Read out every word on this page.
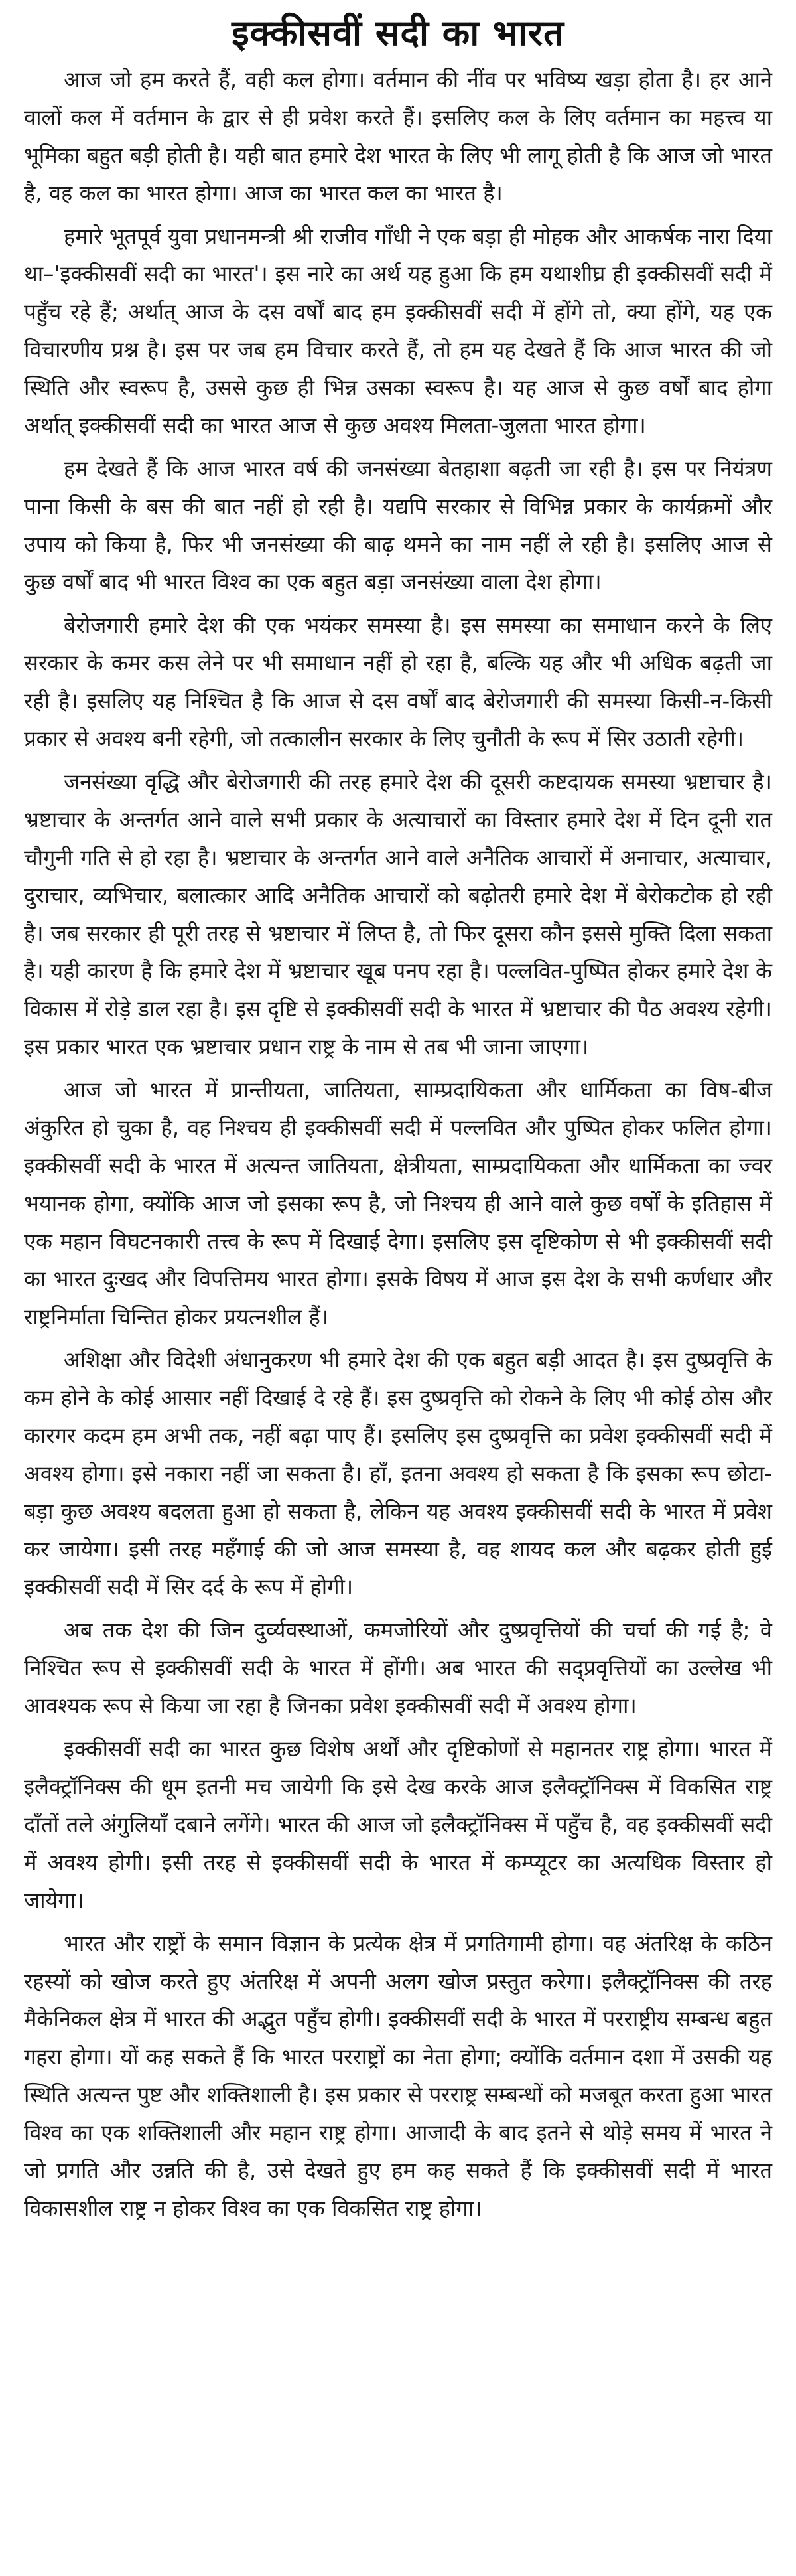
इक्कीसवीं सदी का भारत

आज जो हम करते हैं, वही कल होगा। वर्तमान की नींव पर भविष्य खड़ा होता है। हर आने वालों कल में वर्तमान के द्वार से ही प्रवेश करते हैं। इसलिए कल के लिए वर्तमान का महत्त्व या भूमिका बहुत बड़ी होती है। यही बात हमारे देश भारत के लिए भी लागू होती है कि आज जो भारत है, वह कल का भारत होगा। आज का भारत कल का भारत है।

हमारे भूतपूर्व युवा प्रधानमन्त्री श्री राजीव गाँधी ने एक बड़ा ही मोहक और आकर्षक नारा दिया था–'इक्कीसवीं सदी का भारत'। इस नारे का अर्थ यह हुआ कि हम यथाशीघ्र ही इक्कीसवीं सदी में पहुँच रहे हैं; अर्थात् आज के दस वर्षों बाद हम इक्कीसवीं सदी में होंगे तो, क्या होंगे, यह एक विचारणीय प्रश्न है। इस पर जब हम विचार करते हैं, तो हम यह देखते हैं कि आज भारत की जो स्थिति और स्वरूप है, उससे कुछ ही भिन्न उसका स्वरूप है। यह आज से कुछ वर्षों बाद होगा अर्थात् इक्कीसवीं सदी का भारत आज से कुछ अवश्य मिलता-जुलता भारत होगा।

हम देखते हैं कि आज भारत वर्ष की जनसंख्या बेतहाशा बढ़ती जा रही है। इस पर नियंत्रण पाना किसी के बस की बात नहीं हो रही है। यद्यपि सरकार से विभिन्न प्रकार के कार्यक्रमों और उपाय को किया है, फिर भी जनसंख्या की बाढ़ थमने का नाम नहीं ले रही है। इसलिए आज से कुछ वर्षों बाद भी भारत विश्व का एक बहुत बड़ा जनसंख्या वाला देश होगा।

बेरोजगारी हमारे देश की एक भयंकर समस्या है। इस समस्या का समाधान करने के लिए सरकार के कमर कस लेने पर भी समाधान नहीं हो रहा है, बल्कि यह और भी अधिक बढ़ती जा रही है। इसलिए यह निश्चित है कि आज से दस वर्षों बाद बेरोजगारी की समस्या किसी-न-किसी प्रकार से अवश्य बनी रहेगी, जो तत्कालीन सरकार के लिए चुनौती के रूप में सिर उठाती रहेगी।

जनसंख्या वृद्धि और बेरोजगारी की तरह हमारे देश की दूसरी कष्टदायक समस्या भ्रष्टाचार है। भ्रष्टाचार के अन्तर्गत आने वाले सभी प्रकार के अत्याचारों का विस्तार हमारे देश में दिन दूनी रात चौगुनी गति से हो रहा है। भ्रष्टाचार के अन्तर्गत आने वाले अनैतिक आचारों में अनाचार, अत्याचार, दुराचार, व्यभिचार, बलात्कार आदि अनैतिक आचारों को बढ़ोतरी हमारे देश में बेरोकटोक हो रही है। जब सरकार ही पूरी तरह से भ्रष्टाचार में लिप्त है, तो फिर दूसरा कौन इससे मुक्ति दिला सकता है। यही कारण है कि हमारे देश में भ्रष्टाचार खूब पनप रहा है। पल्लवित-पुष्पित होकर हमारे देश के विकास में रोड़े डाल रहा है। इस दृष्टि से इक्कीसवीं सदी के भारत में भ्रष्टाचार की पैठ अवश्य रहेगी। इस प्रकार भारत एक भ्रष्टाचार प्रधान राष्ट्र के नाम से तब भी जाना जाएगा।

आज जो भारत में प्रान्तीयता, जातियता, साम्प्रदायिकता और धार्मिकता का विष-बीज अंकुरित हो चुका है, वह निश्चय ही इक्कीसवीं सदी में पल्लवित और पुष्पित होकर फलित होगा। इक्कीसवीं सदी के भारत में अत्यन्त जातियता, क्षेत्रीयता, साम्प्रदायिकता और धार्मिकता का ज्वर भयानक होगा, क्योंकि आज जो इसका रूप है, जो निश्चय ही आने वाले कुछ वर्षों के इतिहास में एक महान विघटनकारी तत्त्व के रूप में दिखाई देगा। इसलिए इस दृष्टिकोण से भी इक्कीसवीं सदी का भारत दुःखद और विपत्तिमय भारत होगा। इसके विषय में आज इस देश के सभी कर्णधार और राष्ट्रनिर्माता चिन्तित होकर प्रयत्नशील हैं।

अशिक्षा और विदेशी अंधानुकरण भी हमारे देश की एक बहुत बड़ी आदत है। इस दुष्प्रवृत्ति के कम होने के कोई आसार नहीं दिखाई दे रहे हैं। इस दुष्प्रवृत्ति को रोकने के लिए भी कोई ठोस और कारगर कदम हम अभी तक, नहीं बढ़ा पाए हैं। इसलिए इस दुष्प्रवृत्ति का प्रवेश इक्कीसवीं सदी में अवश्य होगा। इसे नकारा नहीं जा सकता है। हाँ, इतना अवश्य हो सकता है कि इसका रूप छोटा-बड़ा कुछ अवश्य बदलता हुआ हो सकता है, लेकिन यह अवश्य इक्कीसवीं सदी के भारत में प्रवेश कर जायेगा। इसी तरह महँगाई की जो आज समस्या है, वह शायद कल और बढ़कर होती हुई इक्कीसवीं सदी में सिर दर्द के रूप में होगी।

अब तक देश की जिन दुर्व्यवस्थाओं, कमजोरियों और दुष्प्रवृत्तियों की चर्चा की गई है; वे निश्चित रूप से इक्कीसवीं सदी के भारत में होंगी। अब भारत की सद्प्रवृत्तियों का उल्लेख भी आवश्यक रूप से किया जा रहा है जिनका प्रवेश इक्कीसवीं सदी में अवश्य होगा।

इक्कीसवीं सदी का भारत कुछ विशेष अर्थों और दृष्टिकोणों से महानतर राष्ट्र होगा। भारत में इलैक्ट्रॉनिक्स की धूम इतनी मच जायेगी कि इसे देख करके आज इलैक्ट्रॉनिक्स में विकसित राष्ट्र दाँतों तले अंगुलियाँ दबाने लगेंगे। भारत की आज जो इलैक्ट्रॉनिक्स में पहुँच है, वह इक्कीसवीं सदी में अवश्य होगी। इसी तरह से इक्कीसवीं सदी के भारत में कम्प्यूटर का अत्यधिक विस्तार हो जायेगा।

भारत और राष्ट्रों के समान विज्ञान के प्रत्येक क्षेत्र में प्रगतिगामी होगा। वह अंतरिक्ष के कठिन रहस्यों को खोज करते हुए अंतरिक्ष में अपनी अलग खोज प्रस्तुत करेगा। इलैक्ट्रॉनिक्स की तरह मैकेनिकल क्षेत्र में भारत की अद्भुत पहुँच होगी। इक्कीसवीं सदी के भारत में परराष्ट्रीय सम्बन्ध बहुत गहरा होगा। यों कह सकते हैं कि भारत परराष्ट्रों का नेता होगा; क्योंकि वर्तमान दशा में उसकी यह स्थिति अत्यन्त पुष्ट और शक्तिशाली है। इस प्रकार से परराष्ट्र सम्बन्धों को मजबूत करता हुआ भारत विश्व का एक शक्तिशाली और महान राष्ट्र होगा। आजादी के बाद इतने से थोड़े समय में भारत ने जो प्रगति और उन्नति की है, उसे देखते हुए हम कह सकते हैं कि इक्कीसवीं सदी में भारत विकासशील राष्ट्र न होकर विश्व का एक विकसित राष्ट्र होगा।
